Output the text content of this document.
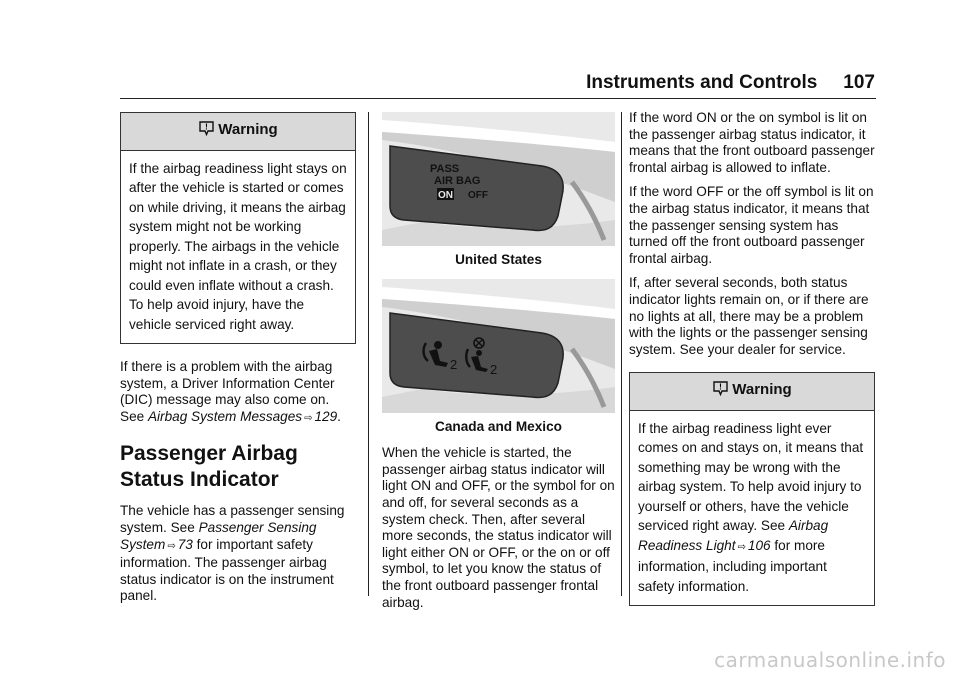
Instruments and Controls 107
! Warning

If the airbag readiness light stays on after the vehicle is started or comes on while driving, it means the airbag system might not be working properly. The airbags in the vehicle might not inflate in a crash, or they could even inflate without a crash. To help avoid injury, have the vehicle serviced right away.

If there is a problem with the airbag system, a Driver Information Center (DIC) message may also come on. See Airbag System Messages ⇨ 129.

Passenger Airbag Status Indicator

The vehicle has a passenger sensing system. See Passenger Sensing System ⇨ 73 for important safety information. The passenger airbag status indicator is on the instrument panel.

PASS
AIR BAG
ON OFF
United States
2	2
Canada and Mexico

When the vehicle is started, the passenger airbag status indicator will light ON and OFF, or the symbol for on and off, for several seconds as a system check. Then, after several more seconds, the status indicator will light either ON or OFF, or the on or off symbol, to let you know the status of the front outboard passenger frontal airbag.

If the word ON or the on symbol is lit on the passenger airbag status indicator, it means that the front outboard passenger frontal airbag is allowed to inflate.

If the word OFF or the off symbol is lit on the airbag status indicator, it means that the passenger sensing system has turned off the front outboard passenger frontal airbag.

If, after several seconds, both status indicator lights remain on, or if there are no lights at all, there may be a problem with the lights or the passenger sensing system. See your dealer for service.

! Warning

If the airbag readiness light ever comes on and stays on, it means that something may be wrong with the airbag system. To help avoid injury to yourself or others, have the vehicle serviced right away. See Airbag Readiness Light ⇨ 106 for more information, including important safety information.

carmanualsonline.info
